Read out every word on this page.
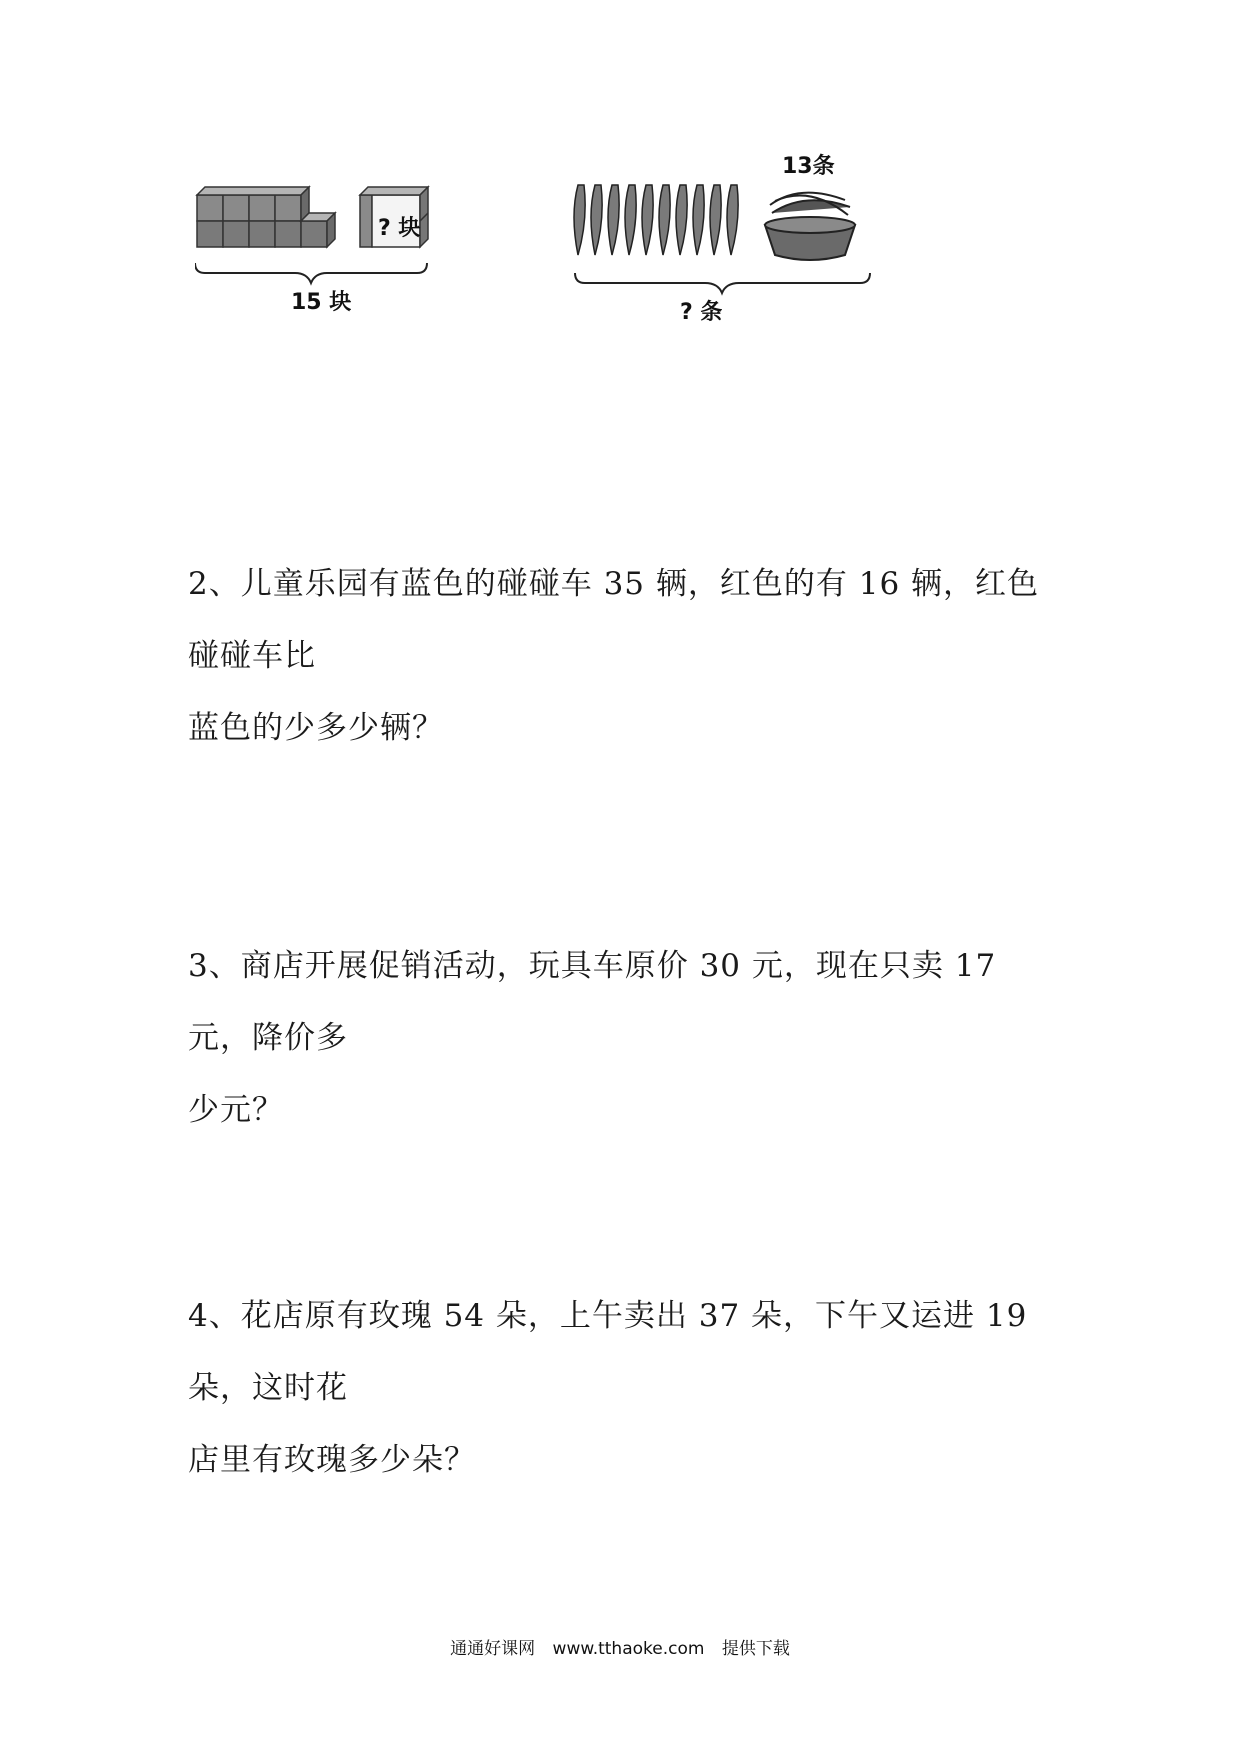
? 块
15 块
13条
? 条
2、儿童乐园有蓝色的碰碰车 35 辆，红色的有 16 辆，红色碰碰车比
蓝色的少多少辆？
3、商店开展促销活动，玩具车原价 30 元，现在只卖 17 元，降价多
少元？
4、花店原有玫瑰 54 朵，上午卖出 37 朵，下午又运进 19 朵，这时花
店里有玫瑰多少朵？
通通好课网 www.tthaoke.com 提供下载
